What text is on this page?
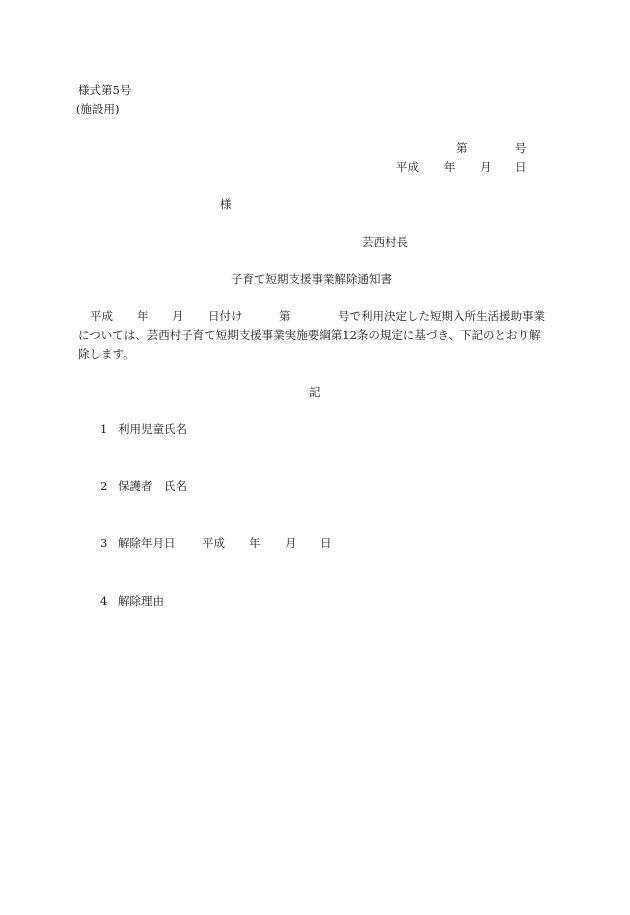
様式第5号
(施設用)
第	号
平成 年 月 日
様
芸西村長
子育て短期支援事業解除通知書
平成 年 月 日付け	第	号で利用決定した短期入所生活援助事業
については、芸西村子育て短期支援事業実施要綱第12条の規定に基づき、下記のとおり解
除します。
記
1 利用児童氏名
2 保護者　氏名
3 解除年月日 平成 年 月 日
4 解除理由
